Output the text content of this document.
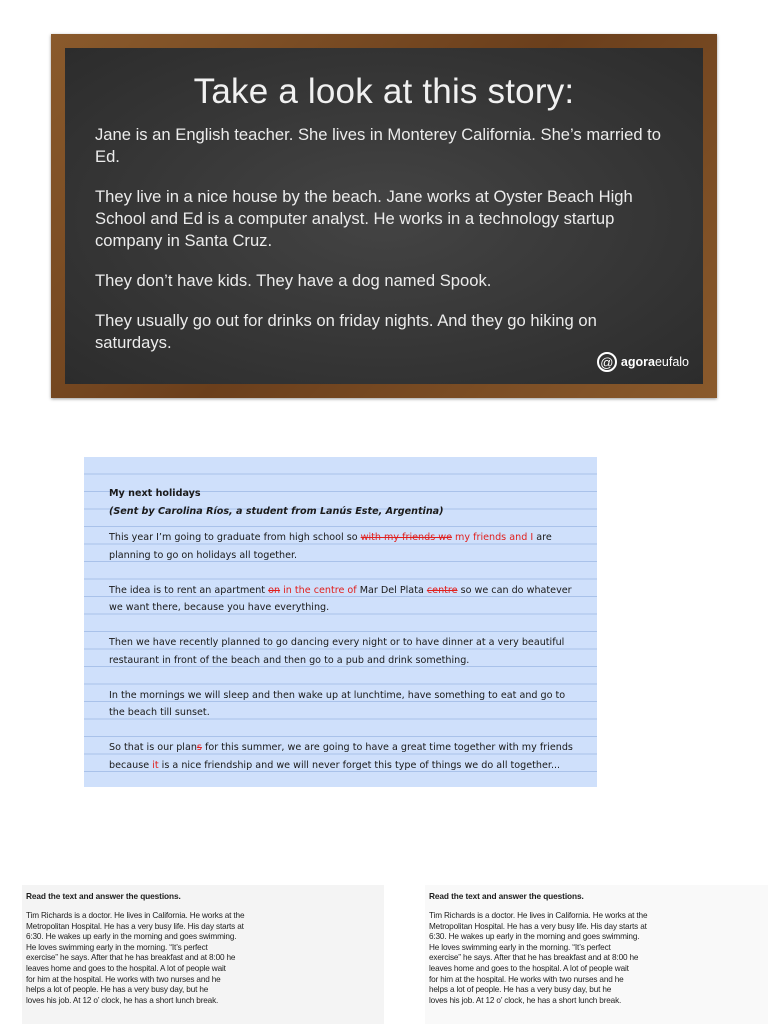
Take a look at this story:

Jane is an English teacher. She lives in Monterey California. She’s married to Ed.

They live in a nice house by the beach. Jane works at Oyster Beach High School and Ed is a computer analyst. He works in a technology startup company in Santa Cruz.

They don’t have kids. They have a dog named Spook.

They usually go out for drinks on friday nights. And they go hiking on saturdays.

@ agoraeufalo
My next holidays
(Sent by Carolina Ríos, a student from Lanús Este, Argentina)
This year I’m going to graduate from high school so with my friends we my friends and I are planning to go on holidays all together.
The idea is to rent an apartment on in the centre of Mar Del Plata centre so we can do whatever we want there, because you have everything.
Then we have recently planned to go dancing every night or to have dinner at a very beautiful restaurant in front of the beach and then go to a pub and drink something.
In the mornings we will sleep and then wake up at lunchtime, have something to eat and go to the beach till sunset.
So that is our plans for this summer, we are going to have a great time together with my friends because it is a nice friendship and we will never forget this type of things we do all together...
Read the text and answer the questions.
Tim Richards is a doctor. He lives in California. He works at the
Metropolitan Hospital. He has a very busy life. His day starts at
6:30. He wakes up early in the morning and goes swimming.
He loves swimming early in the morning. “It’s perfect
exercise” he says. After that he has breakfast and at 8:00 he
leaves home and goes to the hospital. A lot of people wait
for him at the hospital. He works with two nurses and he
helps a lot of people. He has a very busy day, but he
loves his job. At 12 o’ clock, he has a short lunch break.
Read the text and answer the questions.
Tim Richards is a doctor. He lives in California. He works at the
Metropolitan Hospital. He has a very busy life. His day starts at
6:30. He wakes up early in the morning and goes swimming.
He loves swimming early in the morning. “It’s perfect
exercise” he says. After that he has breakfast and at 8:00 he
leaves home and goes to the hospital. A lot of people wait
for him at the hospital. He works with two nurses and he
helps a lot of people. He has a very busy day, but he
loves his job. At 12 o’ clock, he has a short lunch break.
